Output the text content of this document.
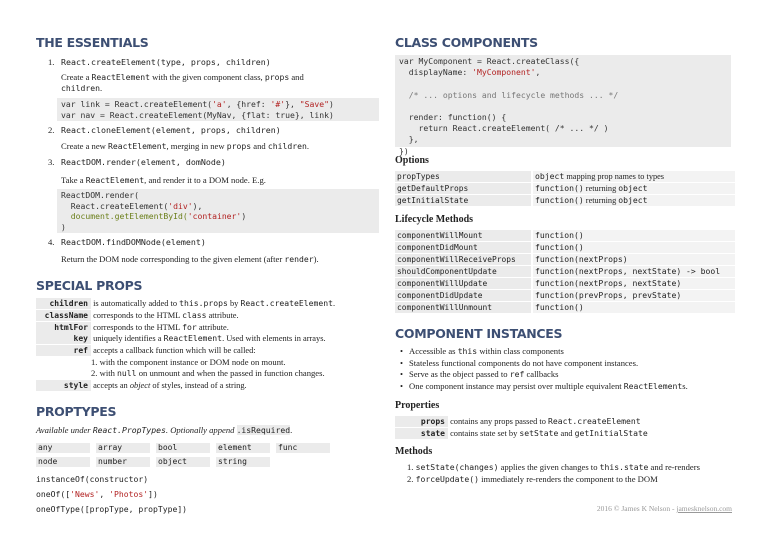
THE ESSENTIALS
1. React.createElement(type, props, children)
Create a ReactElement with the given component class, props and
children.
var link = React.createElement('a', {href: '#'}, "Save")
var nav = React.createElement(MyNav, {flat: true}, link)
2. React.cloneElement(element, props, children)
Create a new ReactElement, merging in new props and children.
3. ReactDOM.render(element, domNode)
Take a ReactElement, and render it to a DOM node. E.g.
ReactDOM.render(
React.createElement('div'),
document.getElementById('container')
)
4. ReactDOM.findDOMNode(element)
Return the DOM node corresponding to the given element (after render).
SPECIAL PROPS
children is automatically added to this.props by React.createElement.
className corresponds to the HTML class attribute.
htmlFor corresponds to the HTML for attribute.
key uniquely identifies a ReactElement. Used with elements in arrays.
ref accepts a callback function which will be called:
1. with the component instance or DOM node on mount.
2. with null on unmount and when the passed in function changes.
style accepts an object of styles, instead of a string.
PROPTYPES
Available under React.PropTypes. Optionally append .isRequired.
any	array	bool	element	func
node	number	object	string
instanceOf(constructor)
oneOf(['News', 'Photos'])
oneOfType([propType, propType])
CLASS COMPONENTS
var MyComponent = React.createClass({
displayName: 'MyComponent',

/* ... options and lifecycle methods ... */

render: function() {
return React.createElement( /* ... */ )
},
})
Options
propTypes	object mapping prop names to types
getDefaultProps	function() returning object
getInitialState	function() returning object
Lifecycle Methods
componentWillMount	function()
componentDidMount	function()
componentWillReceiveProps	function(nextProps)
shouldComponentUpdate	function(nextProps, nextState) -> bool
componentWillUpdate	function(nextProps, nextState)
componentDidUpdate	function(prevProps, prevState)
componentWillUnmount	function()
COMPONENT INSTANCES
• Accessible as this within class components
• Stateless functional components do not have component instances.
• Serve as the object passed to ref callbacks
• One component instance may persist over multiple equivalent ReactElements.
Properties
props contains any props passed to React.createElement
state contains state set by setState and getInitialState
Methods
1. setState(changes) applies the given changes to this.state and re-renders
2. forceUpdate() immediately re-renders the component to the DOM
2016 © James K Nelson - jamesknelson.com
